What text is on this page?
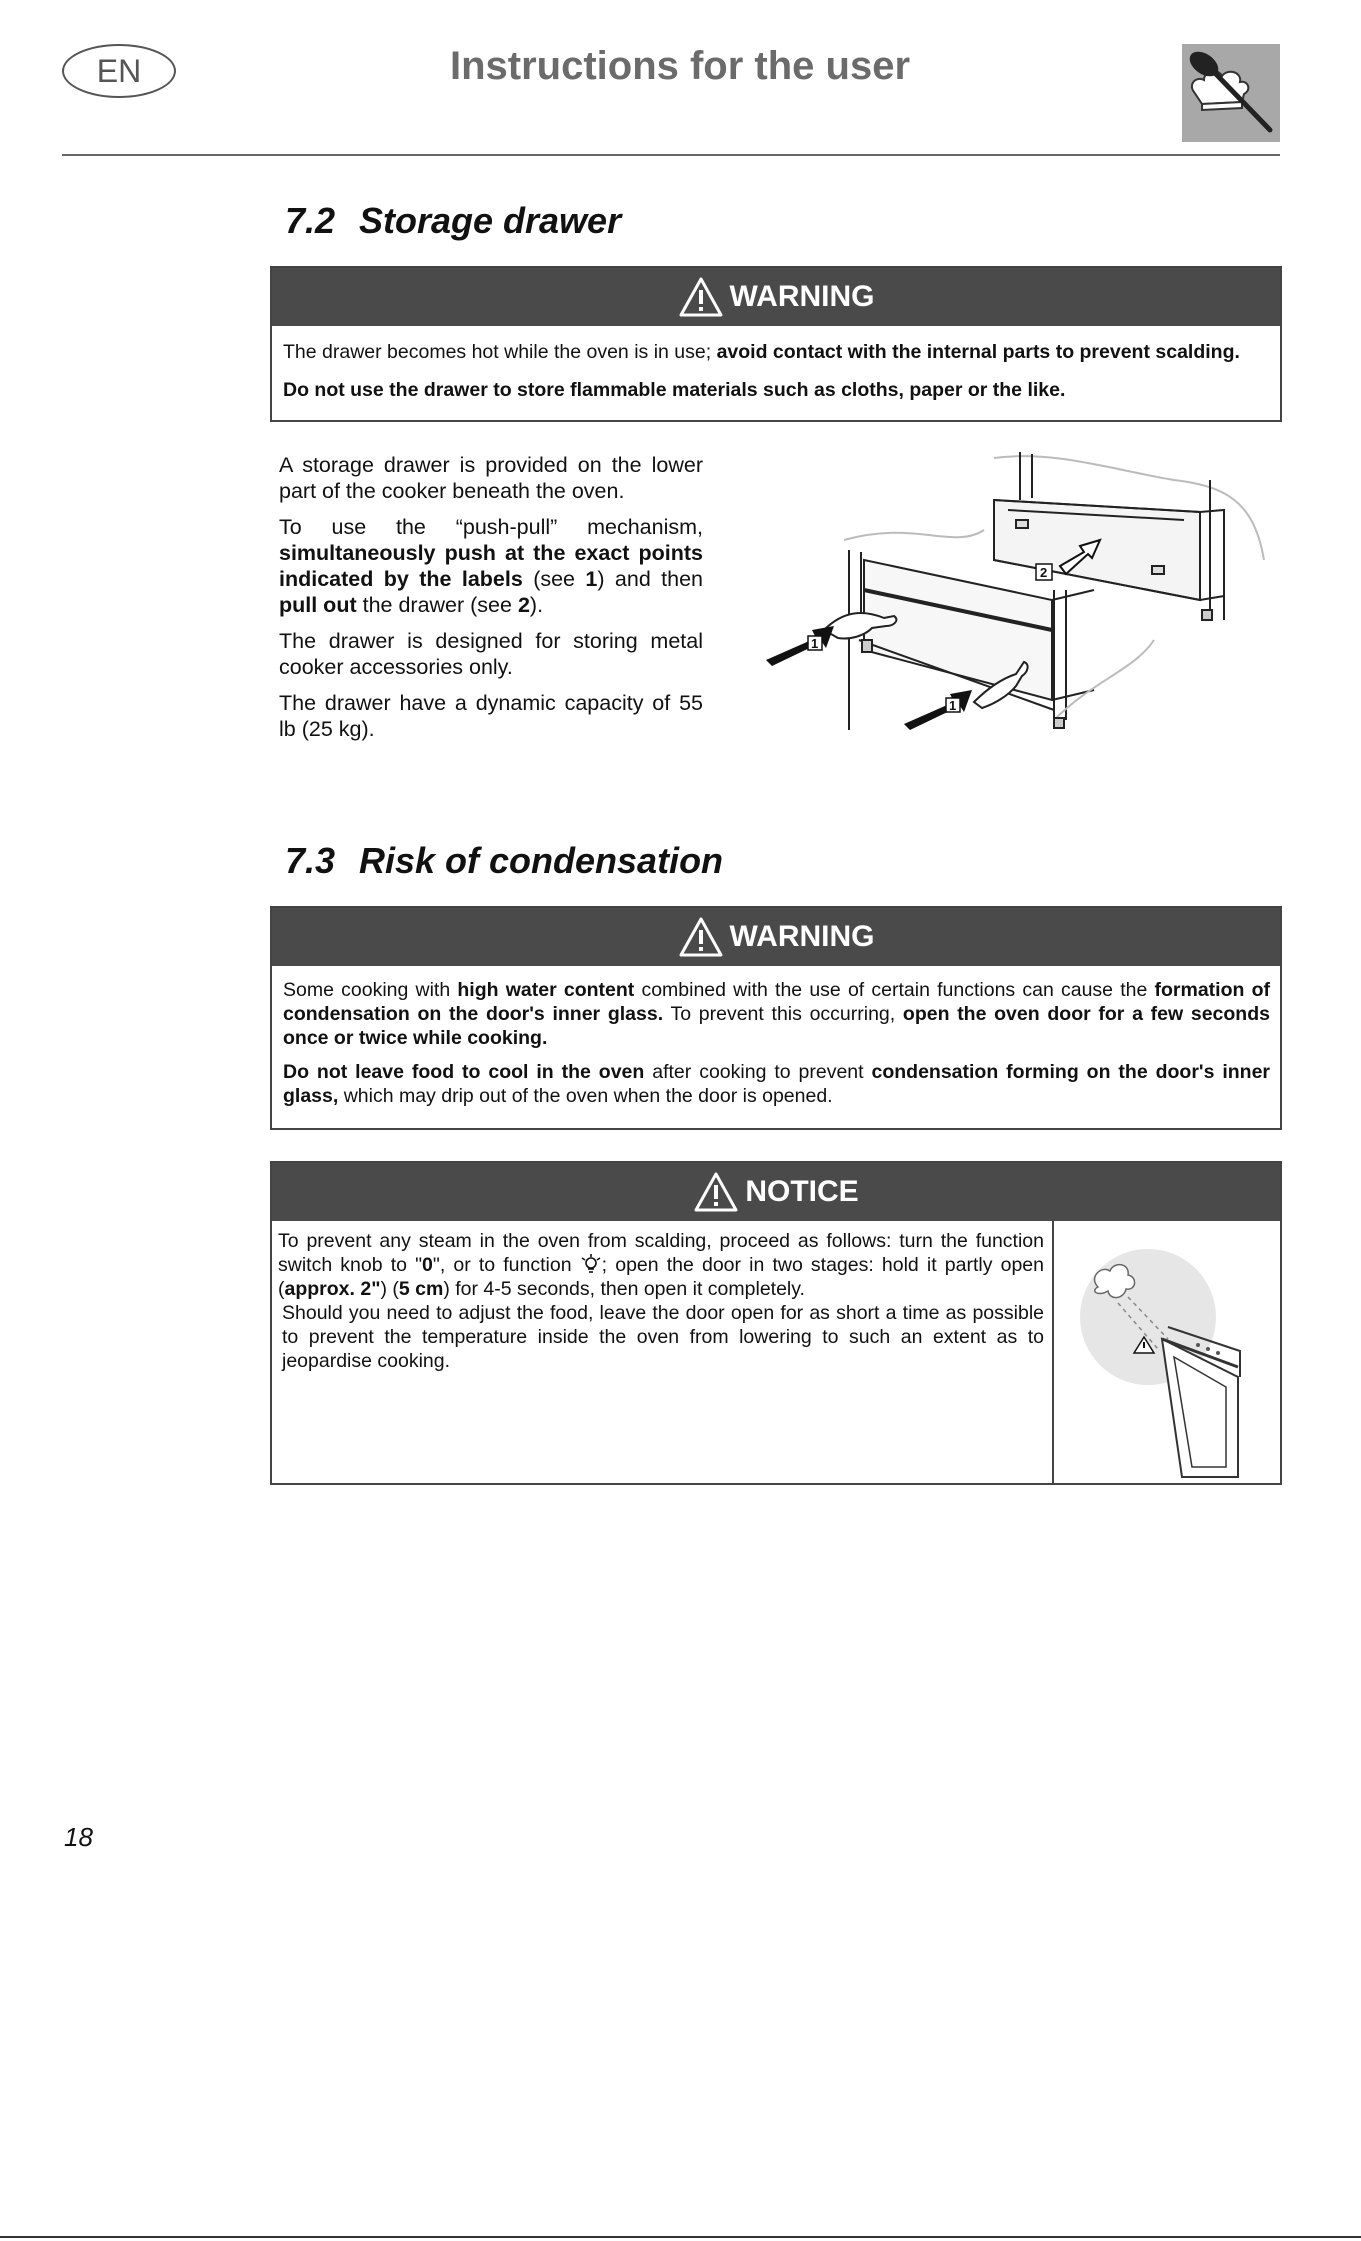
EN	Instructions for the user
7.2 Storage drawer
WARNING

The drawer becomes hot while the oven is in use; avoid contact with the internal parts to prevent scalding.

Do not use the drawer to store flammable materials such as cloths, paper or the like.

A storage drawer is provided on the lower part of the cooker beneath the oven.

To use the “push-pull” mechanism, simultaneously push at the exact points indicated by the labels (see 1) and then pull out the drawer (see 2).

The drawer is designed for storing metal cooker accessories only.

The drawer have a dynamic capacity of 55 lb (25 kg).

1
1
2
7.3 Risk of condensation
WARNING

Some cooking with high water content combined with the use of certain functions can cause the formation of condensation on the door's inner glass. To prevent this occurring, open the oven door for a few seconds once or twice while cooking.

Do not leave food to cool in the oven after cooking to prevent condensation forming on the door's inner glass, which may drip out of the oven when the door is opened.

NOTICE

To prevent any steam in the oven from scalding, proceed as follows: turn the function switch knob to "0", or to function ; open the door in two stages: hold it partly open (approx. 2") (5 cm) for 4-5 seconds, then open it completely.

Should you need to adjust the food, leave the door open for as short a time as possible to prevent the temperature inside the oven from lowering to such an extent as to jeopardise cooking.

18
